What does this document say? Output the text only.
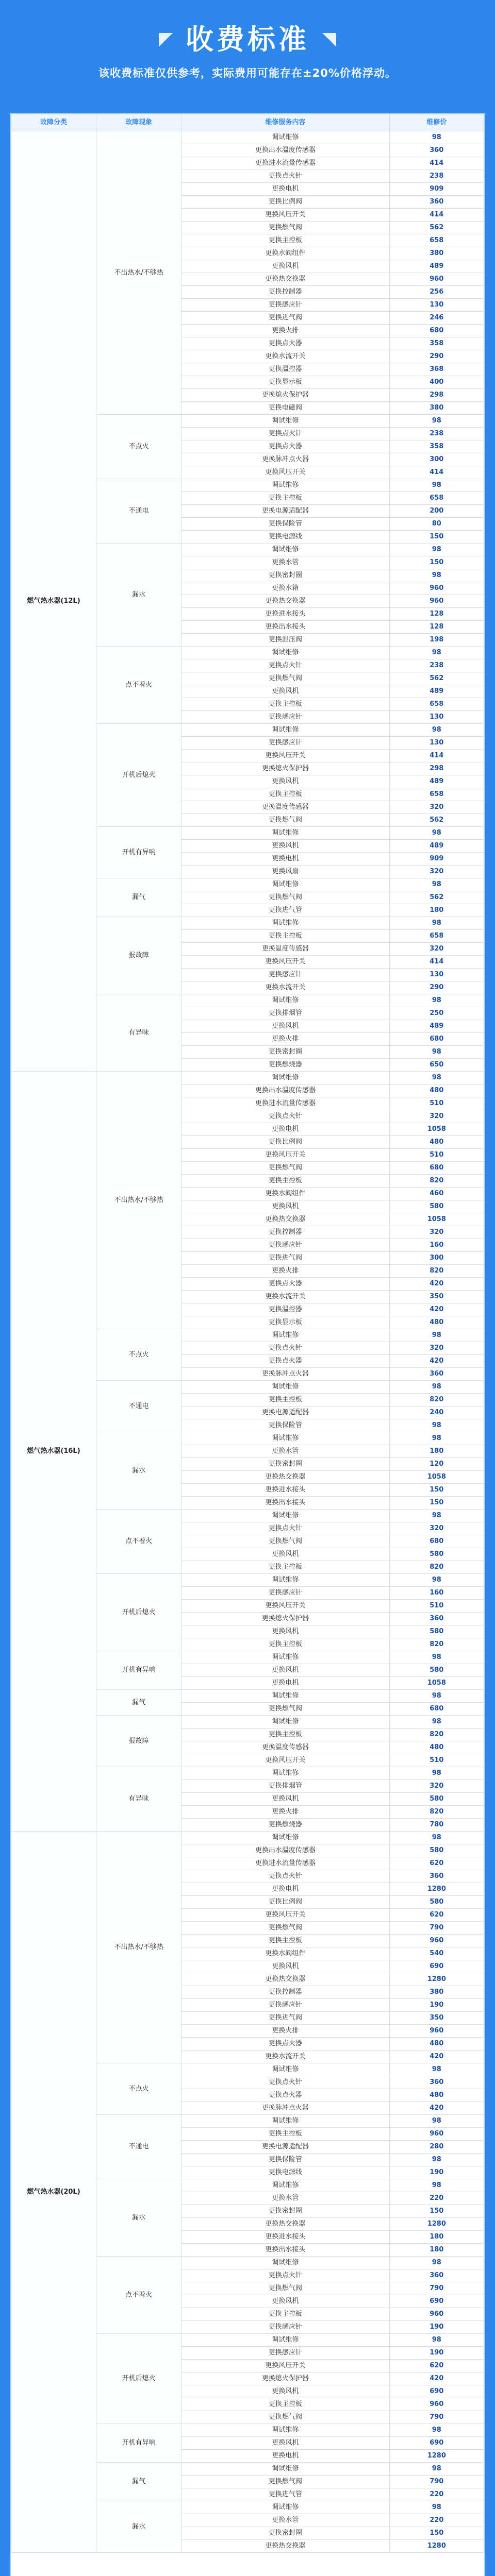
收费标准
该收费标准仅供参考，实际费用可能存在±20%价格浮动。
故障分类	故障现象	维修服务内容	维修价
燃气热水器(12L)	不出热水/不够热	调试维修	98
		更换出水温度传感器	360
		更换进水流量传感器	414
		更换点火针	238
		更换电机	909
		更换比例阀	360
		更换风压开关	414
		更换燃气阀	562
		更换主控板	658
		更换水阀组件	380
		更换风机	489
		更换热交换器	960
		更换控制器	256
		更换感应针	130
		更换进气阀	246
		更换火排	680
		更换点火器	358
		更换水流开关	290
		更换温控器	368
		更换显示板	400
		更换熄火保护器	298
		更换电磁阀	380
	不点火	调试维修	98
		更换点火针	238
		更换点火器	358
		更换脉冲点火器	300
		更换风压开关	414
	不通电	调试维修	98
		更换主控板	658
		更换电源适配器	200
		更换保险管	80
		更换电源线	150
	漏水	调试维修	98
		更换水管	150
		更换密封圈	98
		更换水箱	960
		更换热交换器	960
		更换进水接头	128
		更换出水接头	128
		更换泄压阀	198
	点不着火	调试维修	98
		更换点火针	238
		更换燃气阀	562
		更换风机	489
		更换主控板	658
		更换感应针	130
	开机后熄火	调试维修	98
		更换感应针	130
		更换风压开关	414
		更换熄火保护器	298
		更换风机	489
		更换主控板	658
		更换温度传感器	320
		更换燃气阀	562
	开机有异响	调试维修	98
		更换风机	489
		更换电机	909
		更换风扇	320
	漏气	调试维修	98
		更换燃气阀	562
		更换进气管	180
	报故障	调试维修	98
		更换主控板	658
		更换温度传感器	320
		更换风压开关	414
		更换感应针	130
		更换水流开关	290
	有异味	调试维修	98
		更换排烟管	250
		更换风机	489
		更换火排	680
		更换密封圈	98
		更换燃烧器	650
燃气热水器(16L)	不出热水/不够热	调试维修	98
		更换出水温度传感器	480
		更换进水流量传感器	510
		更换点火针	320
		更换电机	1058
		更换比例阀	480
		更换风压开关	510
		更换燃气阀	680
		更换主控板	820
		更换水阀组件	460
		更换风机	580
		更换热交换器	1058
		更换控制器	320
		更换感应针	160
		更换进气阀	300
		更换火排	820
		更换点火器	420
		更换水流开关	350
		更换温控器	420
		更换显示板	480
	不点火	调试维修	98
		更换点火针	320
		更换点火器	420
		更换脉冲点火器	360
	不通电	调试维修	98
		更换主控板	820
		更换电源适配器	240
		更换保险管	98
	漏水	调试维修	98
		更换水管	180
		更换密封圈	120
		更换热交换器	1058
		更换进水接头	150
		更换出水接头	150
	点不着火	调试维修	98
		更换点火针	320
		更换燃气阀	680
		更换风机	580
		更换主控板	820
	开机后熄火	调试维修	98
		更换感应针	160
		更换风压开关	510
		更换熄火保护器	360
		更换风机	580
		更换主控板	820
	开机有异响	调试维修	98
		更换风机	580
		更换电机	1058
	漏气	调试维修	98
		更换燃气阀	680
	报故障	调试维修	98
		更换主控板	820
		更换温度传感器	480
		更换风压开关	510
	有异味	调试维修	98
		更换排烟管	320
		更换风机	580
		更换火排	820
		更换燃烧器	780
燃气热水器(20L)	不出热水/不够热	调试维修	98
		更换出水温度传感器	580
		更换进水流量传感器	620
		更换点火针	360
		更换电机	1280
		更换比例阀	580
		更换风压开关	620
		更换燃气阀	790
		更换主控板	960
		更换水阀组件	540
		更换风机	690
		更换热交换器	1280
		更换控制器	380
		更换感应针	190
		更换进气阀	350
		更换火排	960
		更换点火器	480
		更换水流开关	420
	不点火	调试维修	98
		更换点火针	360
		更换点火器	480
		更换脉冲点火器	420
	不通电	调试维修	98
		更换主控板	960
		更换电源适配器	280
		更换保险管	98
		更换电源线	190
	漏水	调试维修	98
		更换水管	220
		更换密封圈	150
		更换热交换器	1280
		更换进水接头	180
		更换出水接头	180
	点不着火	调试维修	98
		更换点火针	360
		更换燃气阀	790
		更换风机	690
		更换主控板	960
		更换感应针	190
	开机后熄火	调试维修	98
		更换感应针	190
		更换风压开关	620
		更换熄火保护器	420
		更换风机	690
		更换主控板	960
		更换燃气阀	790
	开机有异响	调试维修	98
		更换风机	690
		更换电机	1280
	漏气	调试维修	98
		更换燃气阀	790
		更换进气管	220
	漏水	调试维修	98
		更换水管	220
		更换密封圈	150
		更换热交换器	1280
